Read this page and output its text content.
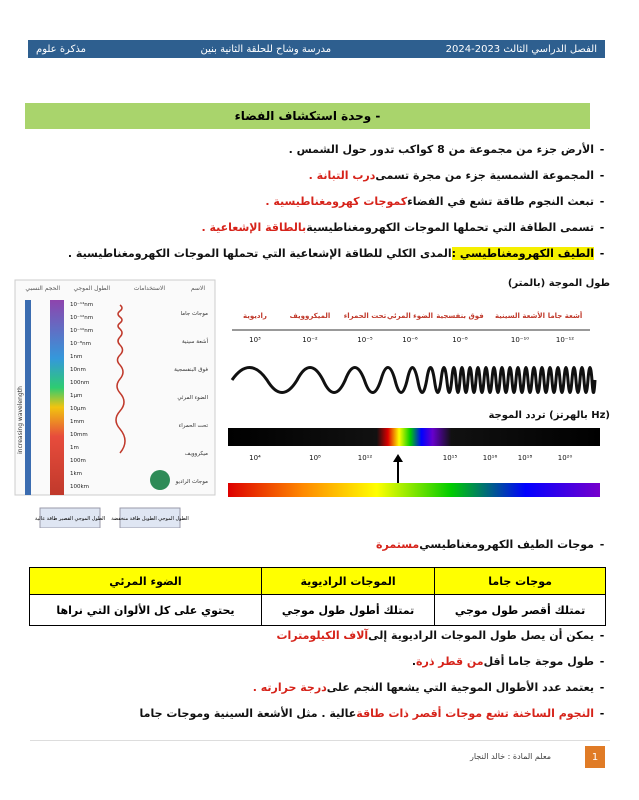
الفصل الدراسي الثالث 2023-2024
مدرسة وشاح للحلقة الثانية بنين
مذكرة علوم
- وحدة استكشاف الفضاء
-
الأرض جزء من مجموعة من 8 كواكب تدور حول الشمس .
-
المجموعة الشمسية جزء من مجرة تسمى
درب التبانة .
-
تبعث النجوم طاقة تشع في الفضاء
كموجات كهرومغناطيسية .
-
تسمى الطاقة التي تحملها الموجات الكهرومغناطيسية
بالطاقة الإشعاعية .
-
الطيف الكهرومغناطيسي :
المدى الكلي للطاقة الإشعاعية التي تحملها الموجات الكهرومغناطيسية .
الاسم
الاستخدامات
الطول الموجي
الحجم النسبي
increasing wavelength
10⁻¹⁴nm
10⁻¹²nm
10⁻¹⁰nm
10⁻⁸nm
1nm
10nm
100nm
1μm
10μm
1mm
10mm
1m
100m
1km
100km
موجات جاما
أشعة سينية
فوق البنفسجية
الضوء المرئي
تحت الحمراء
ميكروويف
موجات الراديو
الطول الموجي القصير طاقة عالية الطول الموجي الطويل طاقة منخفضة
طول الموجة (بالمتر)
أشعة جاما
الأشعة السينية
فوق بنفسجية
الضوء المرئي
تحت الحمراء
الميكروويف
راديوية
10³	10⁻²	10⁻⁵	10⁻⁶	10⁻⁸	10⁻¹⁰	10⁻¹²
تردد الموجة (بالهرتز Hz)
10⁴	10⁸	10¹²	10¹⁵	10¹⁶	10¹⁸	10²⁰
-
موجات الطيف الكهرومغناطيسي
مستمرة
موجات جاما	الموجات الراديوية	الضوء المرئي
تمتلك أقصر طول موجي	تمتلك أطول طول موجي	يحتوي على كل الألوان التي نراها
-
يمكن أن يصل طول الموجات الراديوية إلى
آلاف الكيلومترات
-
طول موجة جاما أقل
من قطر ذرة
.
-
يعتمد عدد الأطوال الموجية التي يشعها النجم على
درجة حرارته .
-
النجوم الساخنة تشع موجات أقصر ذات طاقة
عالية . مثل الأشعة السينية وموجات جاما
معلم المادة : خالد النجار	1
